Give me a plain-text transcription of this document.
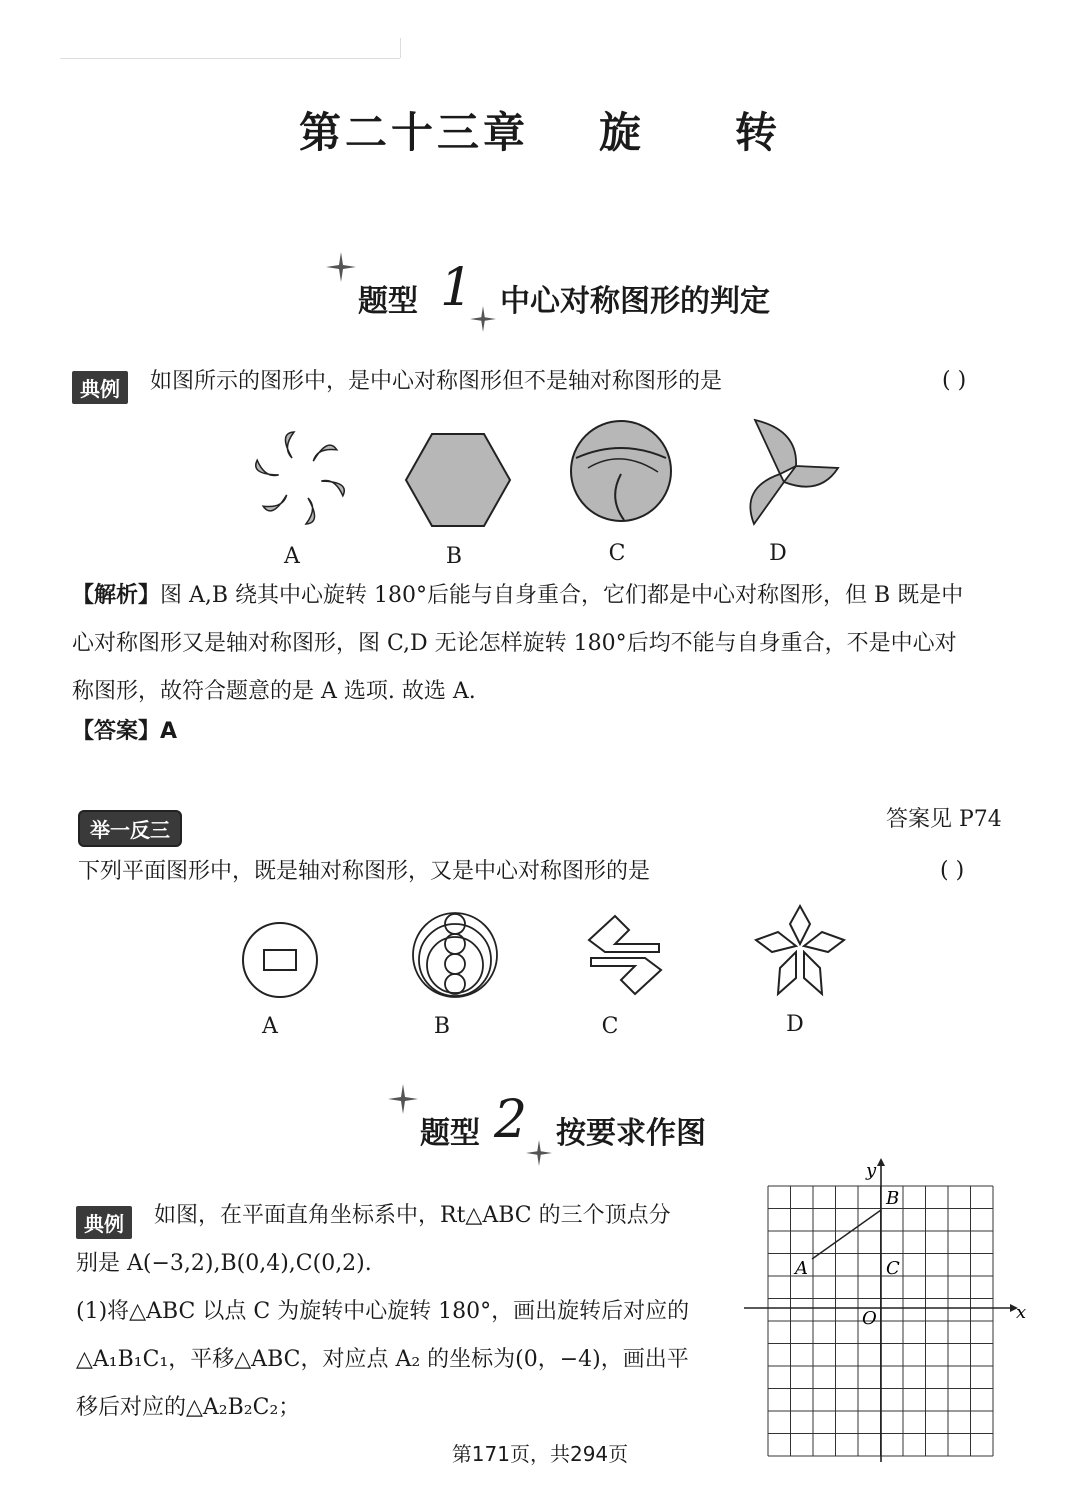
第二十三章 旋 转
题型 1 中心对称图形的判定
典例	如图所示的图形中，是中心对称图形但不是轴对称图形的是	( )
A	B	C	D
【解析】图 A,B 绕其中心旋转 180°后能与自身重合，它们都是中心对称图形，但 B 既是中
心对称图形又是轴对称图形，图 C,D 无论怎样旋转 180°后均不能与自身重合，不是中心对
称图形，故符合题意的是 A 选项. 故选 A.
【答案】A
举一反三	答案见 P74
下列平面图形中，既是轴对称图形，又是中心对称图形的是	( )
A	B	C	D
题型 2 按要求作图
典例	如图，在平面直角坐标系中，Rt△ABC 的三个顶点分
别是 A(−3,2),B(0,4),C(0,2).
(1)将△ABC 以点 C 为旋转中心旋转 180°，画出旋转后对应的
△A₁B₁C₁，平移△ABC，对应点 A₂ 的坐标为(0，−4)，画出平
移后对应的△A₂B₂C₂；
x
y
O
A
B
C
第171页，共294页
